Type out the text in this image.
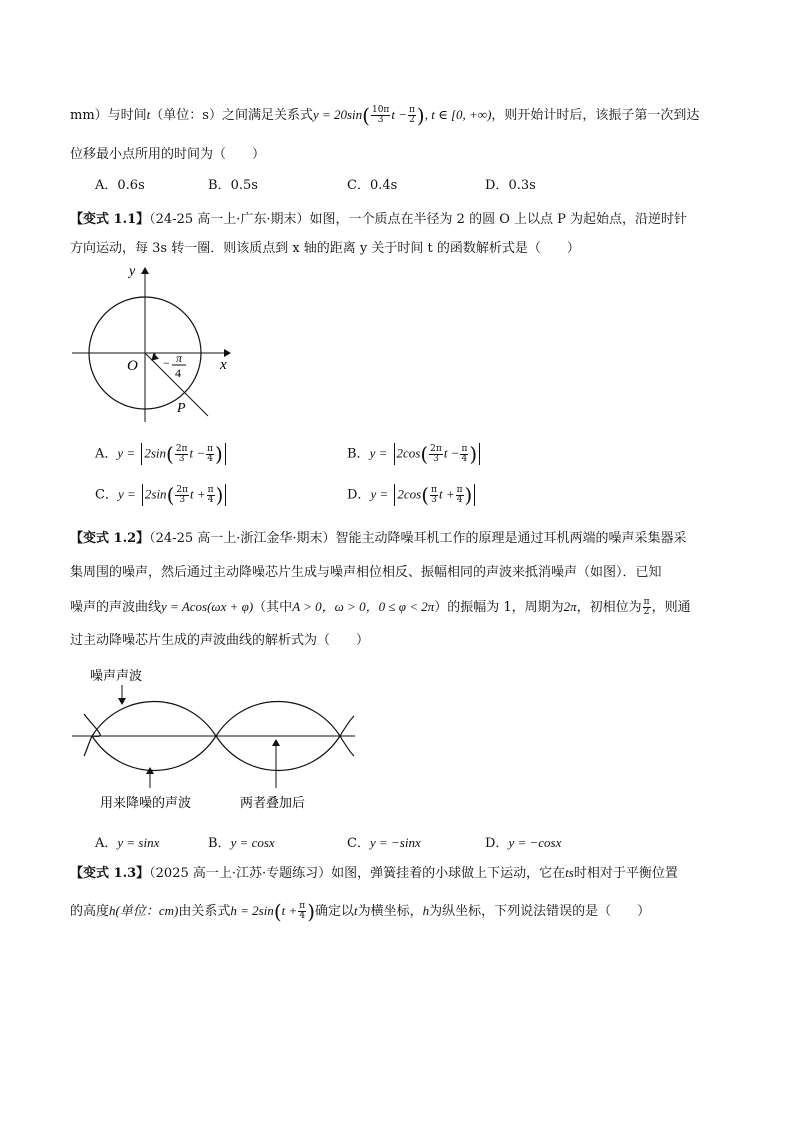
mm）与时间t（单位：s）之间满足关系式$y = 20\sin( \frac{10\pi}{3}$ $t - \frac{\pi}{2}$ ), t ∈ [0, +∞)，则开始计时后，该振子第一次到达
位移最小点所用的时间为（　　）
A．0.6s	B．0.5s	C．0.4s	D．0.3s
【变式 1.1】（24-25 高一上·广东·期末）如图，一个质点在半径为 2 的圆 O 上以点 P 为起始点，沿逆时针
方向运动，每 3s 转一圈．则该质点到 x 轴的距离 y 关于时间 t 的函数解析式是（　　）
y
x
O
P
− π
4
A．$y = 2\sin( \frac{2\pi}{3}$ $t - \frac{\pi}{4}$ )	B．$y = 2\cos( \frac{2\pi}{3}$ $t - \frac{\pi}{4}$ )
C．$y = 2\sin( \frac{2\pi}{3}$ $t + \frac{\pi}{4}$ )	D．$y = 2\cos( \frac{\pi}{3}$ $t + \frac{\pi}{4}$ )
【变式 1.2】（24-25 高一上·浙江金华·期末）智能主动降噪耳机工作的原理是通过耳机两端的噪声采集器采
集周围的噪声，然后通过主动降噪芯片生成与噪声相位相反、振幅相同的声波来抵消噪声（如图）．已知
噪声的声波曲线y = Acos(ωx + φ)（其中A > 0，ω > 0，0 ≤ φ < 2π）的振幅为 1，周期为2π，初相位为 $\frac{\pi}{2}$ ，则通
过主动降噪芯片生成的声波曲线的解析式为（　　）
噪声声波
用来降噪的声波	两者叠加后
A．y = sinx	B．y = cosx	C．y = −sinx	D．y = −cosx
【变式 1.3】（2025 高一上·江苏·专题练习）如图，弹簧挂着的小球做上下运动，它在ts时相对于平衡位置
的高度h(单位：cm)由关系式$h = 2\sin(t + \frac{\pi}{4}$ )确定以t为横坐标，h为纵坐标，下列说法错误的是（　　）
